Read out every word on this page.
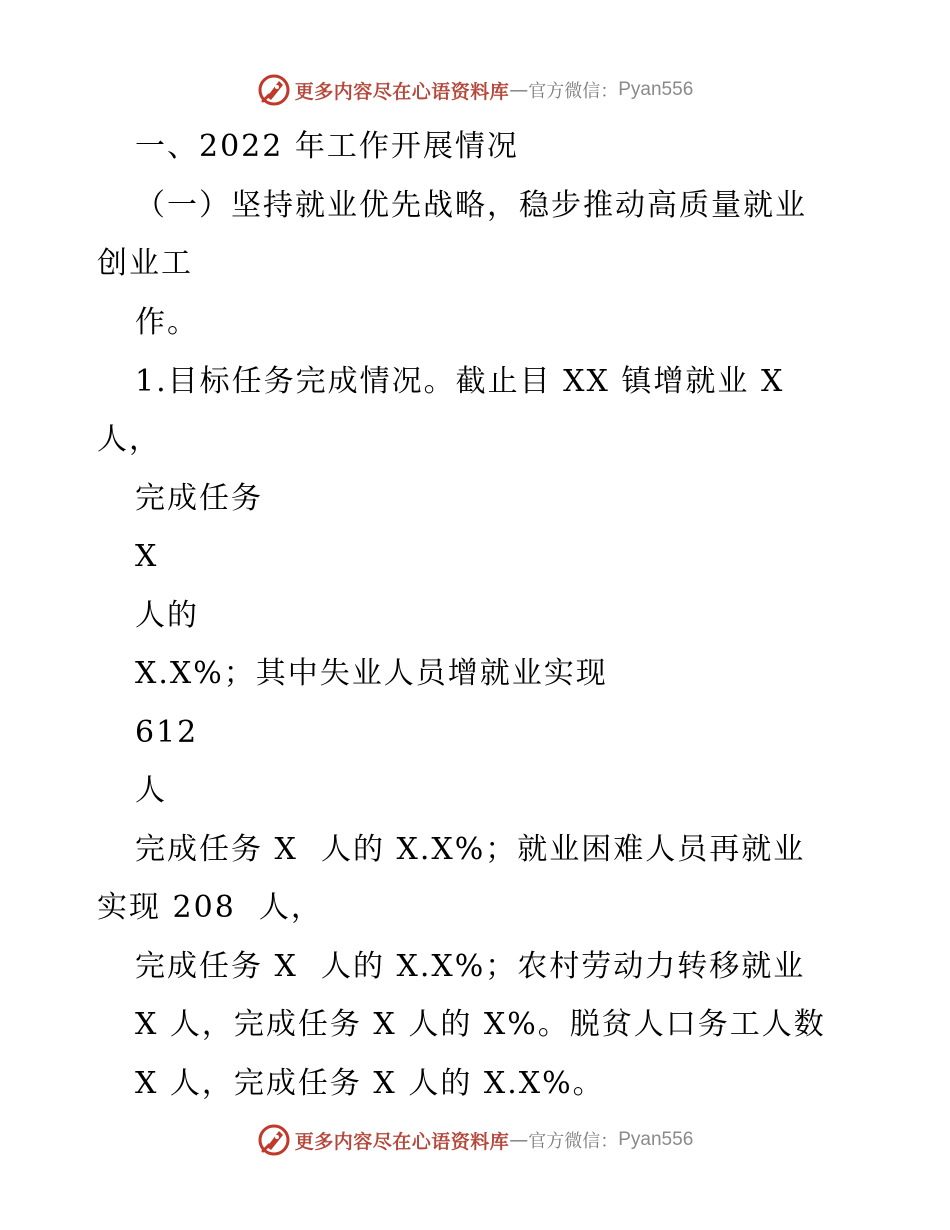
更多内容尽在心语资料库 — 官方微信： Pyan556
一、2022 年工作开展情况
（一）坚持就业优先战略，稳步推动高质量就业
创业工
作。
1.目标任务完成情况。截止目 XX 镇增就业 X
人，
完成任务
X
人的
X.X%；其中失业人员增就业实现
612
人
完成任务 X  人的 X.X%；就业困难人员再就业
实现 208  人，
完成任务 X  人的 X.X%；农村劳动力转移就业
X 人，完成任务 X 人的 X%。脱贫人口务工人数
X 人，完成任务 X 人的 X.X%。
更多内容尽在心语资料库 — 官方微信： Pyan556
